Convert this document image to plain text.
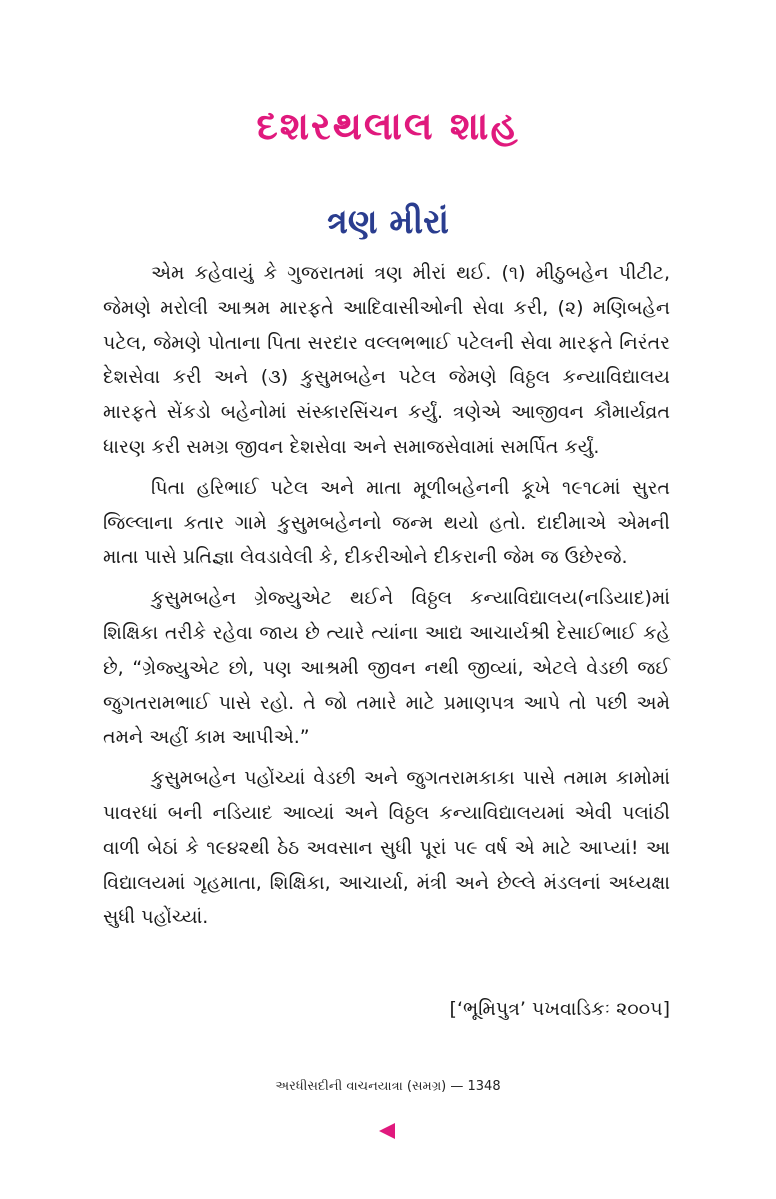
દશરથલાલ શાહ
ત્રણ મીરાં

એમ કહેવાયું કે ગુજરાતમાં ત્રણ મીરાં થઈ. (૧) મીઠુબહેન પીટીટ, જેમણે મરોલી આશ્રમ મારફતે આદિવાસીઓની સેવા કરી, (૨) મણિબહેન પટેલ, જેમણે પોતાના પિતા સરદાર વલ્લભભાઈ પટેલની સેવા મારફતે નિરંતર દેશસેવા કરી અને (૩) કુસુમબહેન પટેલ જેમણે વિઠ્ઠલ કન્યાવિદ્યાલય મારફતે સેંકડો બહેનોમાં સંસ્કારસિંચન કર્યું. ત્રણેએ આજીવન કૌમાર્યવ્રત ધારણ કરી સમગ્ર જીવન દેશસેવા અને સમાજસેવામાં સમર્પિત કર્યું.

પિતા હરિભાઈ પટેલ અને માતા મૂળીબહેનની કૂખે ૧૯૧૮માં સુરત જિલ્લાના કતાર ગામે કુસુમબહેનનો જન્મ થયો હતો. દાદીમાએ એમની માતા પાસે પ્રતિજ્ઞા લેવડાવેલી કે, દીકરીઓને દીકરાની જેમ જ ઉછેરજે.

કુસુમબહેન ગ્રેજ્યુએટ થઈને વિઠ્ઠલ કન્યાવિદ્યાલય(નડિયાદ)માં શિક્ષિકા તરીકે રહેવા જાય છે ત્યારે ત્યાંના આદ્ય આચાર્યશ્રી દેસાઈભાઈ કહે છે, “ગ્રેજ્યુએટ છો, પણ આશ્રમી જીવન નથી જીવ્યાં, એટલે વેડછી જઈ જુગતરામભાઈ પાસે રહો. તે જો તમારે માટે પ્રમાણપત્ર આપે તો પછી અમે તમને અહીં કામ આપીએ.”

કુસુમબહેન પહોંચ્યાં વેડછી અને જુગતરામકાકા પાસે તમામ કામોમાં પાવરધાં બની નડિયાદ આવ્યાં અને વિઠ્ઠલ કન્યાવિદ્યાલયમાં એવી પલાંઠી વાળી બેઠાં કે ૧૯૪૨થી ઠેઠ અવસાન સુધી પૂરાં ૫૯ વર્ષ એ માટે આપ્યાં! આ વિદ્યાલયમાં ગૃહમાતા, શિક્ષિકા, આચાર્યા, મંત્રી અને છેલ્લે મંડલનાં અધ્યક્ષા સુધી પહોંચ્યાં.

[‘ભૂમિપુત્ર’ પખવાડિકઃ ૨૦૦૫]
અરધીસદીની વાચનયાત્રા (સમગ્ર) — 1348
